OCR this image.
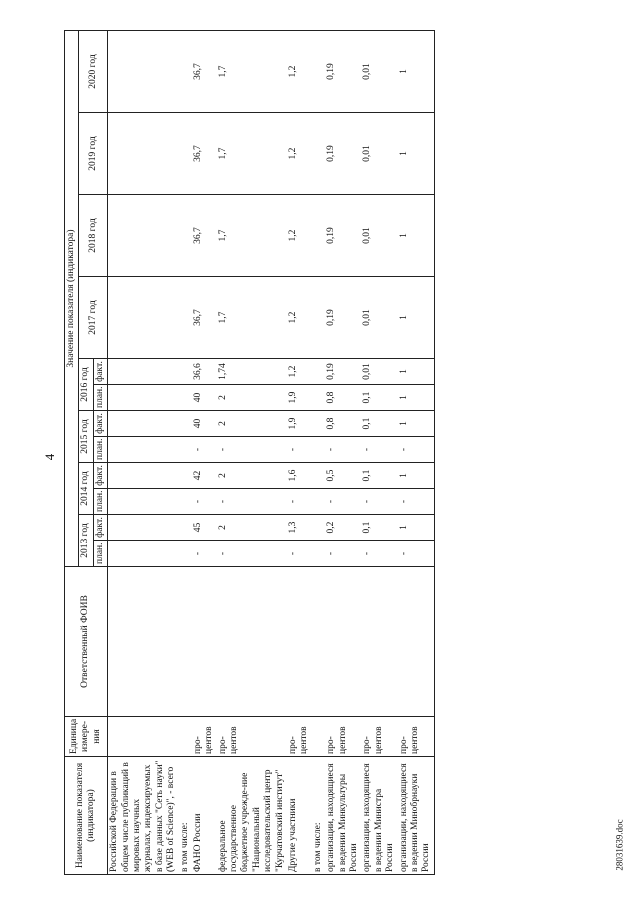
4
28031639.doc
Наименование показателя (индикатора)	Единица измере-ния	Ответственный ФОИВ	Значение показателя (индикатора)											
			2013 год		2014 год		2015 год		2016 год		2017 год	2018 год	2019 год	2020 год
			план.	факт.	план.	факт.	план.	факт.	план.	факт.				
Российской Федерации в общем числе публикаций в мировых научных журналах, индексируемых в базе данных "Сеть науки" (WEB of Science)", - всего														
в том числе:														
ФАНО России	про-центов		-	45	-	42	-	40	40	36,6	36,7	36,7	36,7	36,7
федеральное государственное бюджетное учрежде-ние "Национальный исследовательский центр "Курчатовский институт"	про-центов		-	2	-	2	-	2	2	1,74	1,7	1,7	1,7	1,7
Другие участники	про-центов		-	1,3	-	1,6	-	1,9	1,9	1,2	1,2	1,2	1,2	1,2
в том числе:														
организации, находящиеся в ведении Минкультуры России	про-центов		-	0,2	-	0,5	-	0,8	0,8	0,19	0,19	0,19	0,19	0,19
организации, находящиеся в ведении Министра России	про-центов		-	0,1	-	0,1	-	0,1	0,1	0,01	0,01	0,01	0,01	0,01
организации, находящиеся в ведении Минобрнауки России	про-центов		-	1	-	1	-	1	1	1	1	1	1	1
